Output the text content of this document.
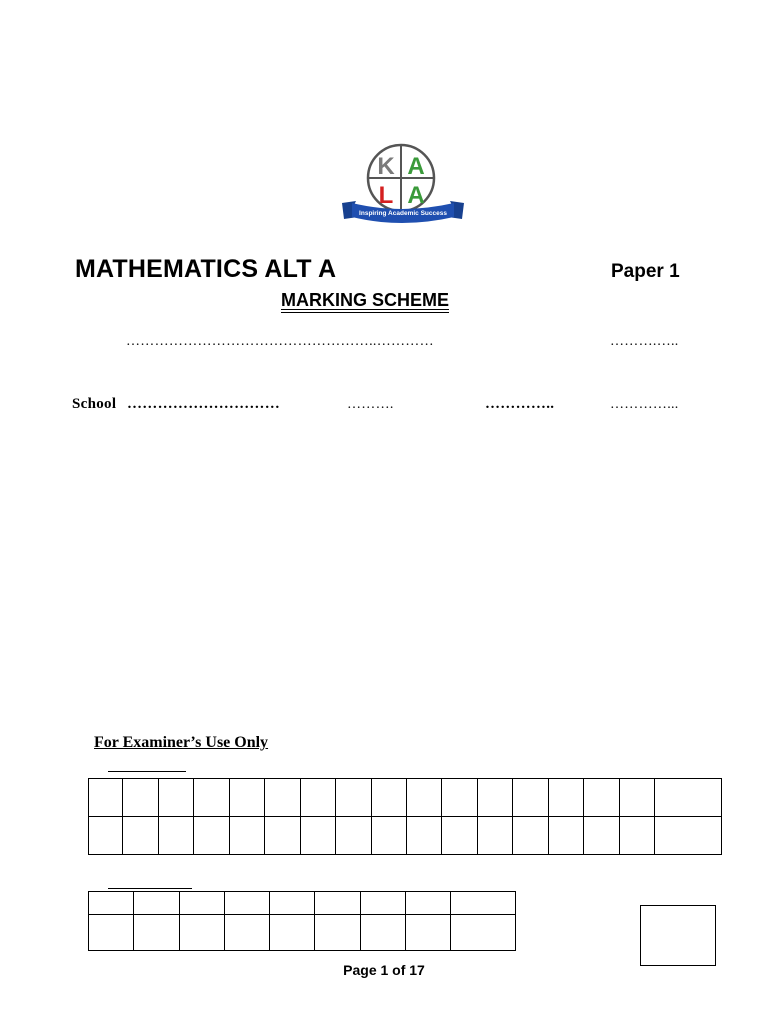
K A
L A
Inspiring Academic Success
MATHEMATICS ALT A	Paper 1
MARKING SCHEME
……………………………………………..…………	……….…..
School …………………………	……….	…………..	…………...
For Examiner’s Use Only

Page 1 of 17
